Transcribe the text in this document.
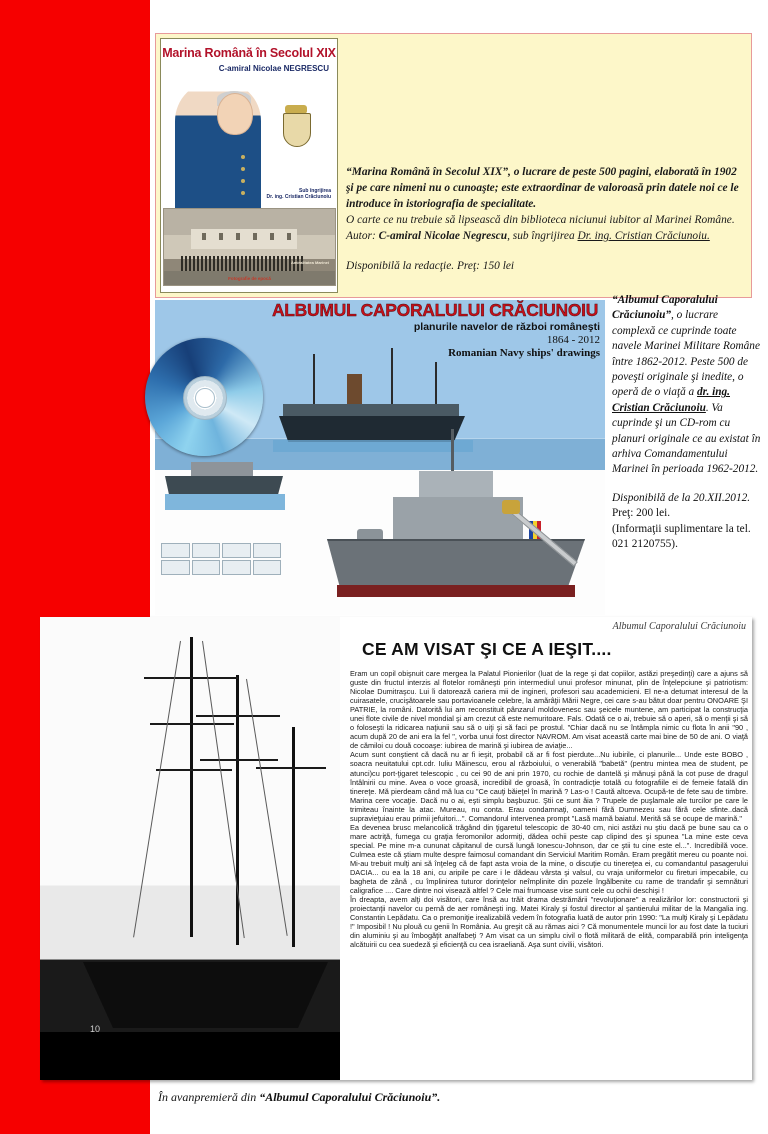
Marina Română în Secolul XIX
C-amiral Nicolae NEGRESCU
Sub îngrijirea
Dr. ing. Cristian Crăciunoiu
Amiralitatea Marinei
Fotografie de epocă
“Marina Română în Secolul XIX”, o lucrare de peste 500 pagini, elaborată în 1902 şi pe care nimeni nu o cunoaşte; este extraordinar de valoroasă prin datele noi ce le introduce în istoriografia de specialitate.
O carte ce nu trebuie să lipsească din biblioteca niciunui iubitor al Marinei Române.
Autor: C-amiral Nicolae Negrescu, sub îngrijirea Dr. ing. Cristian Crăciunoiu.
Disponibilă la redacţie. Preţ: 150 lei
ALBUMUL CAPORALULUI CRĂCIUNOIU
planurile navelor de război româneşti
1864 - 2012
Romanian Navy ships' drawings
“Albumul Caporalului Crăciunoiu”, o lucrare complexă ce cuprinde toate navele Marinei Militare Române între 1862-2012. Peste 500 de poveşti originale şi inedite, o operă de o viaţă a dr. ing. Cristian Crăciunoiu. Va cuprinde şi un CD-rom cu planuri originale ce au existat în arhiva Comandamentului Marinei în perioada 1962-2012.
Disponibilă de la 20.XII.2012.
Preţ: 200 lei.
(Informaţii suplimentare la tel. 021 2120755).
10
Albumul Caporalului Crăciunoiu
CE AM VISAT ŞI CE A IEŞIT....

Eram un copil obişnuit care mergea la Palatul Pionierilor (luat de la rege şi dat copiilor, astăzi preşedinţi) care a ajuns să guste din fructul interzis al flotelor româneşti prin intermediul unui profesor minunat, plin de înţelepciune şi patriotism: Nicolae Dumitraşcu. Lui îi datorează cariera mii de ingineri, profesori sau academicieni. El ne-a deturnat interesul de la cuirasatele, crucişătoarele sau portavioanele celebre, la amărâţii Mării Negre, cei care s-au bătut doar pentru ONOARE ŞI PATRIE, la români. Datorită lui am reconstituit pânzarul moldovenesc sau şeicele muntene, am participat la construcţia unei flote civile de nivel mondial şi am crezut că este nemuritoare. Fals. Odată ce o ai, trebuie să o aperi, să o menţii şi să o foloseşti la ridicarea naţiunii sau să o uiţi şi să faci pe prostul. "Chiar dacă nu se întâmpla nimic cu flota în anii "90 , acum după 20 de ani era la fel ", vorba unui fost director NAVROM. Am visat această carte mai bine de 50 de ani. O viaţă de cămiloi cu două cocoaşe: iubirea de marină şi iubirea de aviaţie...

Acum sunt conştient că dacă nu ar fi ieşit, probabil că ar fi fost pierdute...Nu iubirile, ci planurile... Unde este BOBO , soacra neuitatului cpt.cdr. Iuliu Măinescu, erou al războiului, o venerabilă "babetă" (pentru mintea mea de student, pe atunci)cu port-ţigaret telescopic , cu cei 90 de ani prin 1970, cu rochie de dantelă şi mănuşi până la cot puse de dragul întâlnirii cu mine. Avea o voce groasă, incredibil de groasă, în contradicţie totală cu fotografiile ei de femeie fatală din tinereţe. Mă pierdeam când mă lua cu "Ce cauţi băieţel în marină ? Las-o ! Caută altceva. Ocupă-te de fete sau de timbre. Marina cere vocaţie. Dacă nu o ai, eşti simplu başbuzuc. Ştii ce sunt ăia ? Trupele de puşlamale ale turcilor pe care le trimiteau înainte la atac. Mureau, nu conta. Erau condamnaţi, oameni fără Dumnezeu sau fără cele sfinte..dacă supravieţuiau erau primii jefuitori...". Comandorul intervenea prompt "Lasă mamă baiatul. Merită să se ocupe de marină."

Ea devenea brusc melancolică trăgând din ţigaretul telescopic de 30-40 cm, nici astăzi nu ştiu dacă pe bune sau ca o mare actriţă, fumega cu graţia feromonilor adormiţi, dădea ochii peste cap clipind des şi spunea "La mine este ceva special. Pe mine m-a cununat căpitanul de cursă lungă Ionescu-Johnson, dar ce ştii tu cine este el...". Incredibilă voce. Culmea este că ştiam multe despre faimosul comandant din Serviciul Maritim Român. Eram pregătit mereu cu poante noi. Mi-au trebuit mulţi ani să înţeleg că de fapt asta vroia de la mine, o discuţie cu tinereţea ei, cu comandantul pasagerului DACIA... cu ea la 18 ani, cu aripile pe care i le dădeau vârsta şi valsul, cu vraja uniformelor cu fireturi impecabile, cu bagheta de zână , cu împlinirea tuturor dorinţelor neîmplinite din pozele îngălbenite cu rame de trandafir şi semnături caligrafice .... Care dintre noi visează altfel ? Cele mai frumoase vise sunt cele cu ochii deschişi !

În dreapta, avem alţi doi visători, care însă au trăit drama destrămării "revoluţionare" a realizărilor lor: constructorii şi proiectanţii navelor cu pernă de aer româneşti ing. Matei Kiraly şi fostul director al şantierului militar de la Mangalia ing. Constantin Lepădatu. Ca o premoniţie irealizabilă vedem în fotografia luată de autor prin 1990: "La mulţi Kiraly şi Lepădatu !" Imposibil ! Nu plouă cu genii în România. Au greşit că au rămas aici ? Că monumentele muncii lor au fost date la tuciuri din aluminiu şi au îmbogăţit analfabeţi ? Am visat ca un simplu civil o flotă militară de elită, comparabilă prin inteligenţa alcătuirii cu cea suedeză şi eficienţă cu cea israeliană. Aşa sunt civilii, visători.

În avanpremieră din “Albumul Caporalului Crăciunoiu”.
